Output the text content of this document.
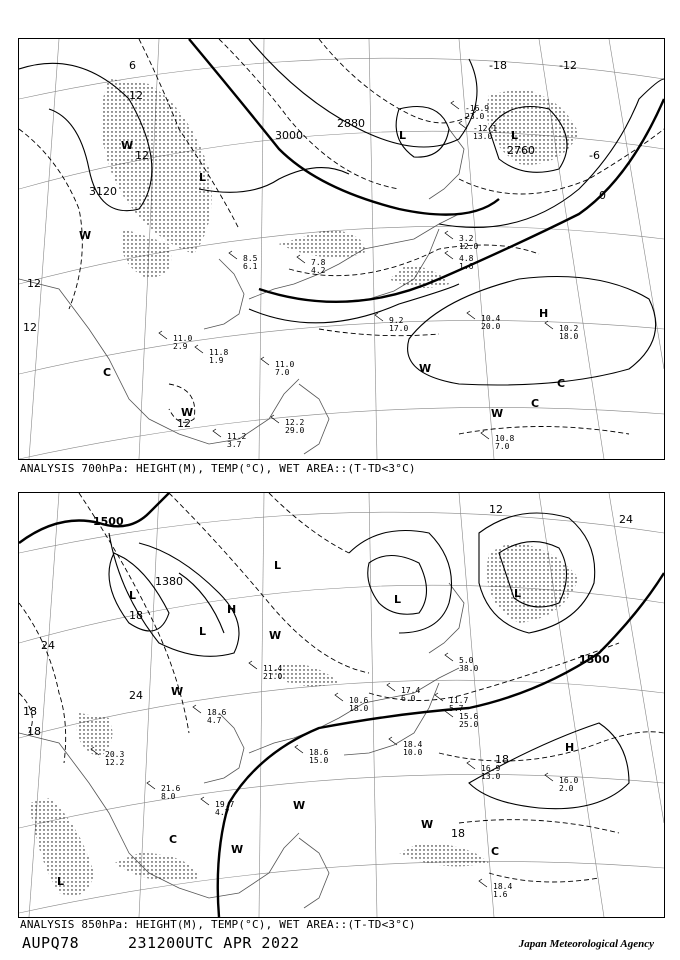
3120
2880
2760
3000
L
L	L
H
W
W
W
W
W
C
C
C
12
12
12
-18	-12
-6
0
12
12
6
10.4
20.0	10.2
18.0
10.8
7.0
9.2
17.0
11.0
7.0
12.2
29.0
11.2
3.7
11.0
2.9
11.8
1.9
8.5
6.1	7.8
4.2
-16.9
23.0
-12.1
13.0
3.2
12.0
4.8
1.6
ANALYSIS 700hPa: HEIGHT(M), TEMP(°C), WET AREA::(T-TD<3°C)
1500
1380
1500
L
L
L
L	L
L
H
H
W
W
W
W
W
C
C
24
24
18
18
18
18
12
24
18
18.4
10.0
16.0
2.0
16.9
13.0
18.4
1.6
19.7
4.7
18.6
15.0
11.7
5.7
15.6
25.0
5.0
38.0
21.6
8.0
20.3
12.2
17.4
6.0
18.6
4.7
11.4
21.0
10.6
18.0
ANALYSIS 850hPa: HEIGHT(M), TEMP(°C), WET AREA::(T-TD<3°C)
AUPQ78	231200UTC APR 2022	Japan Meteorological Agency
